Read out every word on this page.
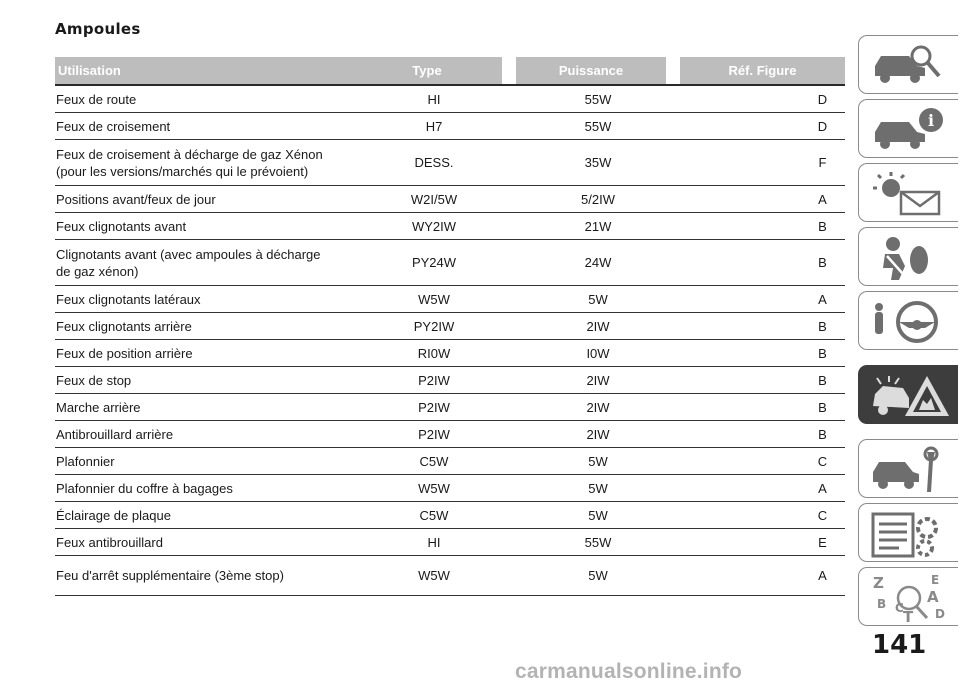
Ampoules
Utilisation	Type		Puissance		Réf. Figure

Feux de route	HI		55W		D
Feux de croisement	H7		55W		D
Feux de croisement à décharge de gaz Xénon
(pour les versions/marchés qui le prévoient)	DESS.		35W		F
Positions avant/feux de jour	W2I/5W		5/2IW		A
Feux clignotants avant	WY2IW		21W		B
Clignotants avant (avec ampoules à décharge
de gaz xénon)	PY24W		24W		B
Feux clignotants latéraux	W5W		5W		A
Feux clignotants arrière	PY2IW		2IW		B
Feux de position arrière	RI0W		I0W		B
Feux de stop	P2IW		2IW		B
Marche arrière	P2IW		2IW		B
Antibrouillard arrière	P2IW		2IW		B
Plafonnier	C5W		5W		C
Plafonnier du coffre à bagages	W5W		5W		A
Éclairage de plaque	C5W		5W		C
Feux antibrouillard	HI		55W		E
Feu d'arrêt supplémentaire (3ème stop)	W5W		5W		A
i
Z	E
A
B C T D
141
carmanualsonline.info
